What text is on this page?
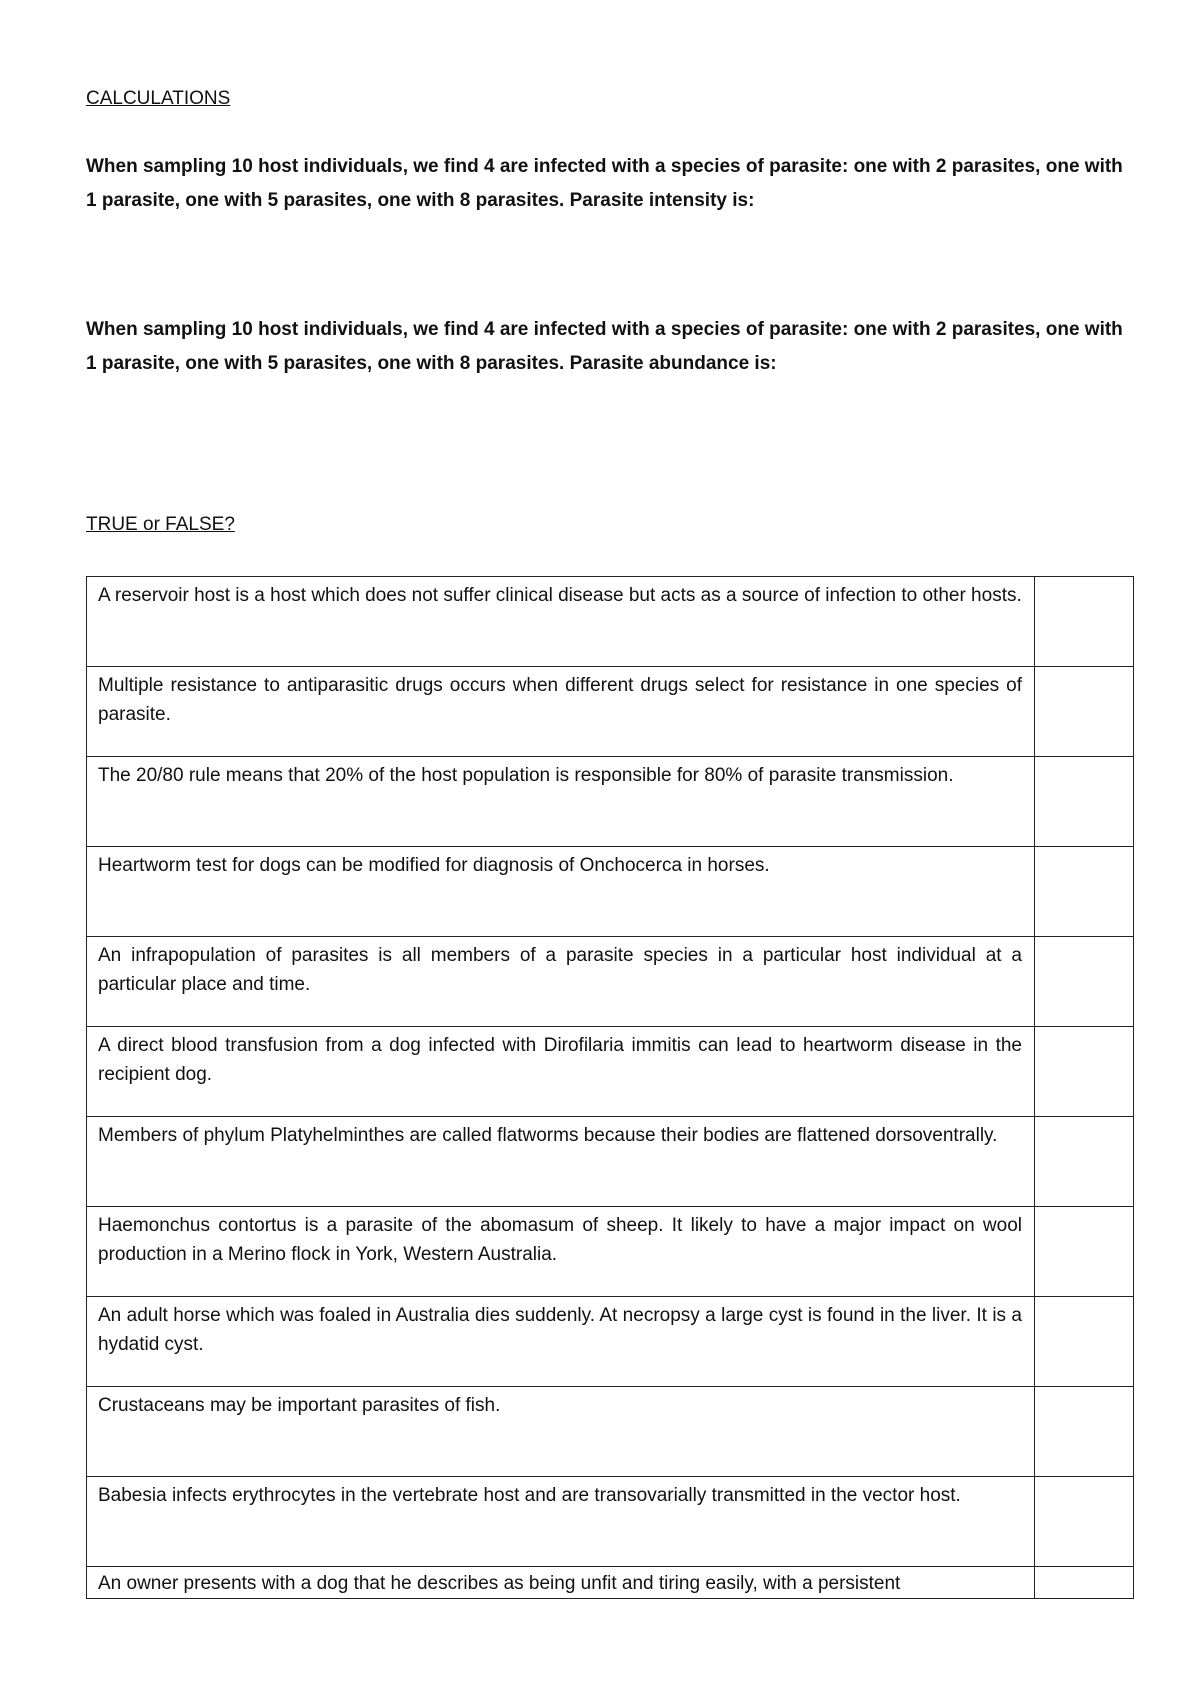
CALCULATIONS

When sampling 10 host individuals, we find 4 are infected with a species of parasite: one with 2 parasites, one with 1 parasite, one with 5 parasites, one with 8 parasites. Parasite intensity is:

When sampling 10 host individuals, we find 4 are infected with a species of parasite: one with 2 parasites, one with 1 parasite, one with 5 parasites, one with 8 parasites. Parasite abundance is:

TRUE or FALSE?

A reservoir host is a host which does not suffer clinical disease but acts as a source of infection to other hosts.	
Multiple resistance to antiparasitic drugs occurs when different drugs select for resistance in one species of parasite.	
The 20/80 rule means that 20% of the host population is responsible for 80% of parasite transmission.	
Heartworm test for dogs can be modified for diagnosis of Onchocerca in horses.	
An infrapopulation of parasites is all members of a parasite species in a particular host individual at a particular place and time.	
A direct blood transfusion from a dog infected with Dirofilaria immitis can lead to heartworm disease in the recipient dog.	
Members of phylum Platyhelminthes are called flatworms because their bodies are flattened dorsoventrally.	
Haemonchus contortus is a parasite of the abomasum of sheep. It likely to have a major impact on wool production in a Merino flock in York, Western Australia.	
An adult horse which was foaled in Australia dies suddenly. At necropsy a large cyst is found in the liver. It is a hydatid cyst.	
Crustaceans may be important parasites of fish.	
Babesia infects erythrocytes in the vertebrate host and are transovarially transmitted in the vector host.	
An owner presents with a dog that he describes as being unfit and tiring easily, with a persistent	
